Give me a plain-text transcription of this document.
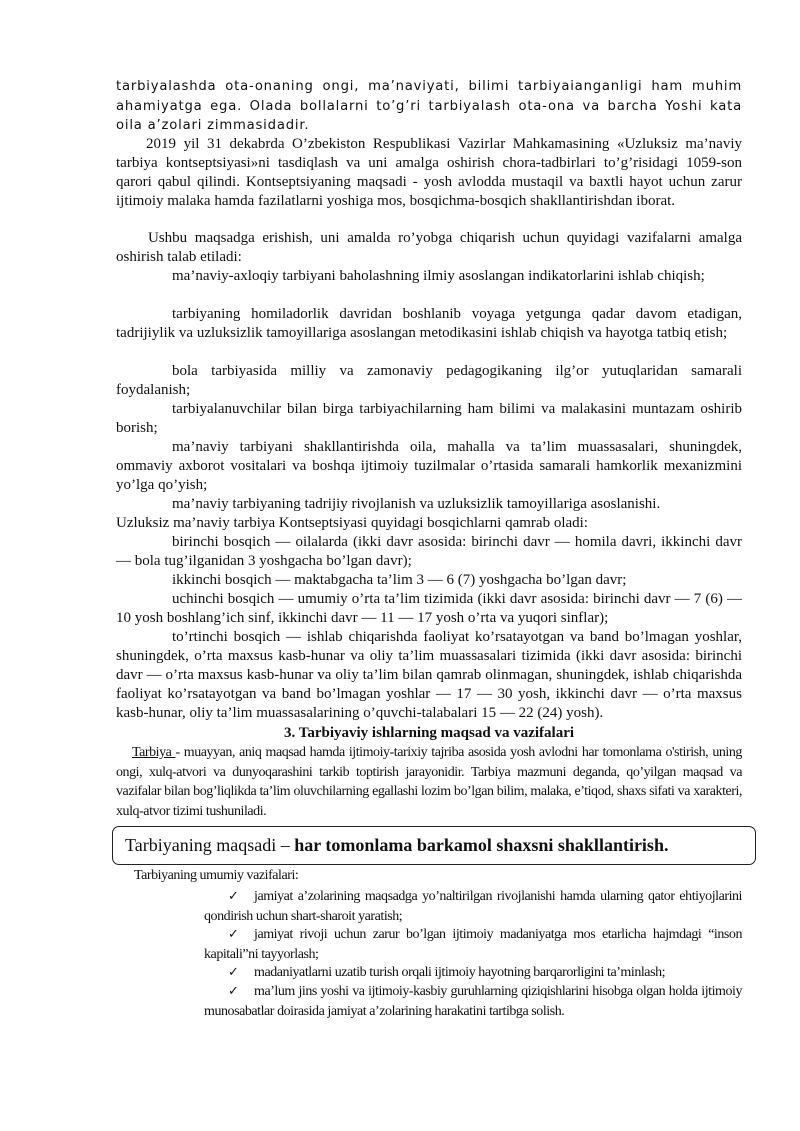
tarbiyalashda ota-onaning ongi, ma’naviyati, bilimi tarbiyaianganligi ham muhim ahamiyatga ega. Olada bollalarni to’g’ri tarbiyalash ota-ona va barcha Yoshi kata oila a’zolari zimmasidadir.

2019 yil 31 dekabrda O’zbekiston Respublikasi Vazirlar Mahkamasining «Uzluksiz ma’naviy tarbiya kontseptsiyasi»ni tasdiqlash va uni amalga oshirish chora-tadbirlari to’g’risidagi 1059-son qarori qabul qilindi. Kontseptsiyaning maqsadi - yosh avlodda mustaqil va baxtli hayot uchun zarur ijtimoiy malaka hamda fazilatlarni yoshiga mos, bosqichma-bosqich shakllantirishdan iborat.

Ushbu maqsadga erishish, uni amalda ro’yobga chiqarish uchun quyidagi vazifalarni amalga oshirish talab etiladi:

ma’naviy-axloqiy tarbiyani baholashning ilmiy asoslangan indikatorlarini ishlab chiqish;

tarbiyaning homiladorlik davridan boshlanib voyaga yetgunga qadar davom etadigan, tadrijiylik va uzluksizlik tamoyillariga asoslangan metodikasini ishlab chiqish va hayotga tatbiq etish;

bola tarbiyasida milliy va zamonaviy pedagogikaning ilg’or yutuqlaridan samarali foydalanish;

tarbiyalanuvchilar bilan birga tarbiyachilarning ham bilimi va malakasini muntazam oshirib borish;

ma’naviy tarbiyani shakllantirishda oila, mahalla va ta’lim muassasalari, shuningdek, ommaviy axborot vositalari va boshqa ijtimoiy tuzilmalar o’rtasida samarali hamkorlik mexanizmini yo’lga qo’yish;

ma’naviy tarbiyaning tadrijiy rivojlanish va uzluksizlik tamoyillariga asoslanishi.

Uzluksiz ma’naviy tarbiya Kontseptsiyasi quyidagi bosqichlarni qamrab oladi:

birinchi bosqich — oilalarda (ikki davr asosida: birinchi davr — homila davri, ikkinchi davr — bola tug’ilganidan 3 yoshgacha bo’lgan davr);

ikkinchi bosqich — maktabgacha ta’lim 3 — 6 (7) yoshgacha bo’lgan davr;

uchinchi bosqich — umumiy o’rta ta’lim tizimida (ikki davr asosida: birinchi davr — 7 (6) — 10 yosh boshlang’ich sinf, ikkinchi davr — 11 — 17 yosh o’rta va yuqori sinflar);

to’rtinchi bosqich — ishlab chiqarishda faoliyat ko’rsatayotgan va band bo’lmagan yoshlar, shuningdek, o’rta maxsus kasb-hunar va oliy ta’lim muassasalari tizimida (ikki davr asosida: birinchi davr — o’rta maxsus kasb-hunar va oliy ta’lim bilan qamrab olinmagan, shuningdek, ishlab chiqarishda faoliyat ko’rsatayotgan va band bo’lmagan yoshlar — 17 — 30 yosh, ikkinchi davr — o’rta maxsus kasb-hunar, oliy ta’lim muassasalarining o’quvchi-talabalari 15 — 22 (24) yosh).

3. Tarbiyaviy ishlarning maqsad va vazifalari

Tarbiya - muayyan, aniq maqsad hamda ijtimoiy-tarixiy tajriba asosida yosh avlodni har tomonlama o'stirish, uning ongi, xulq-atvori va dunyoqarashini tarkib toptirish jarayonidir. Tarbiya mazmuni deganda, qo’yilgan maqsad va vazifalar bilan bog’liqlikda ta’lim oluvchilarning egallashi lozim bo’lgan bilim, malaka, e’tiqod, shaxs sifati va xarakteri, xulq-atvor tizimi tushuniladi.

Tarbiyaning maqsadi – har tomonlama barkamol shaxsni shakllantirish.

Tarbiyaning umumiy vazifalari:

✓ jamiyat a’zolarining maqsadga yo’naltirilgan rivojlanishi hamda ularning qator ehtiyojlarini qondirish uchun shart-sharoit yaratish;

✓ jamiyat rivoji uchun zarur bo’lgan ijtimoiy madaniyatga mos etarlicha hajmdagi “inson kapitali”ni tayyorlash;

✓ madaniyatlarni uzatib turish orqali ijtimoiy hayotning barqarorligini ta’minlash;

✓ ma’lum jins yoshi va ijtimoiy-kasbiy guruhlarning qiziqishlarini hisobga olgan holda ijtimoiy munosabatlar doirasida jamiyat a’zolarining harakatini tartibga solish.
